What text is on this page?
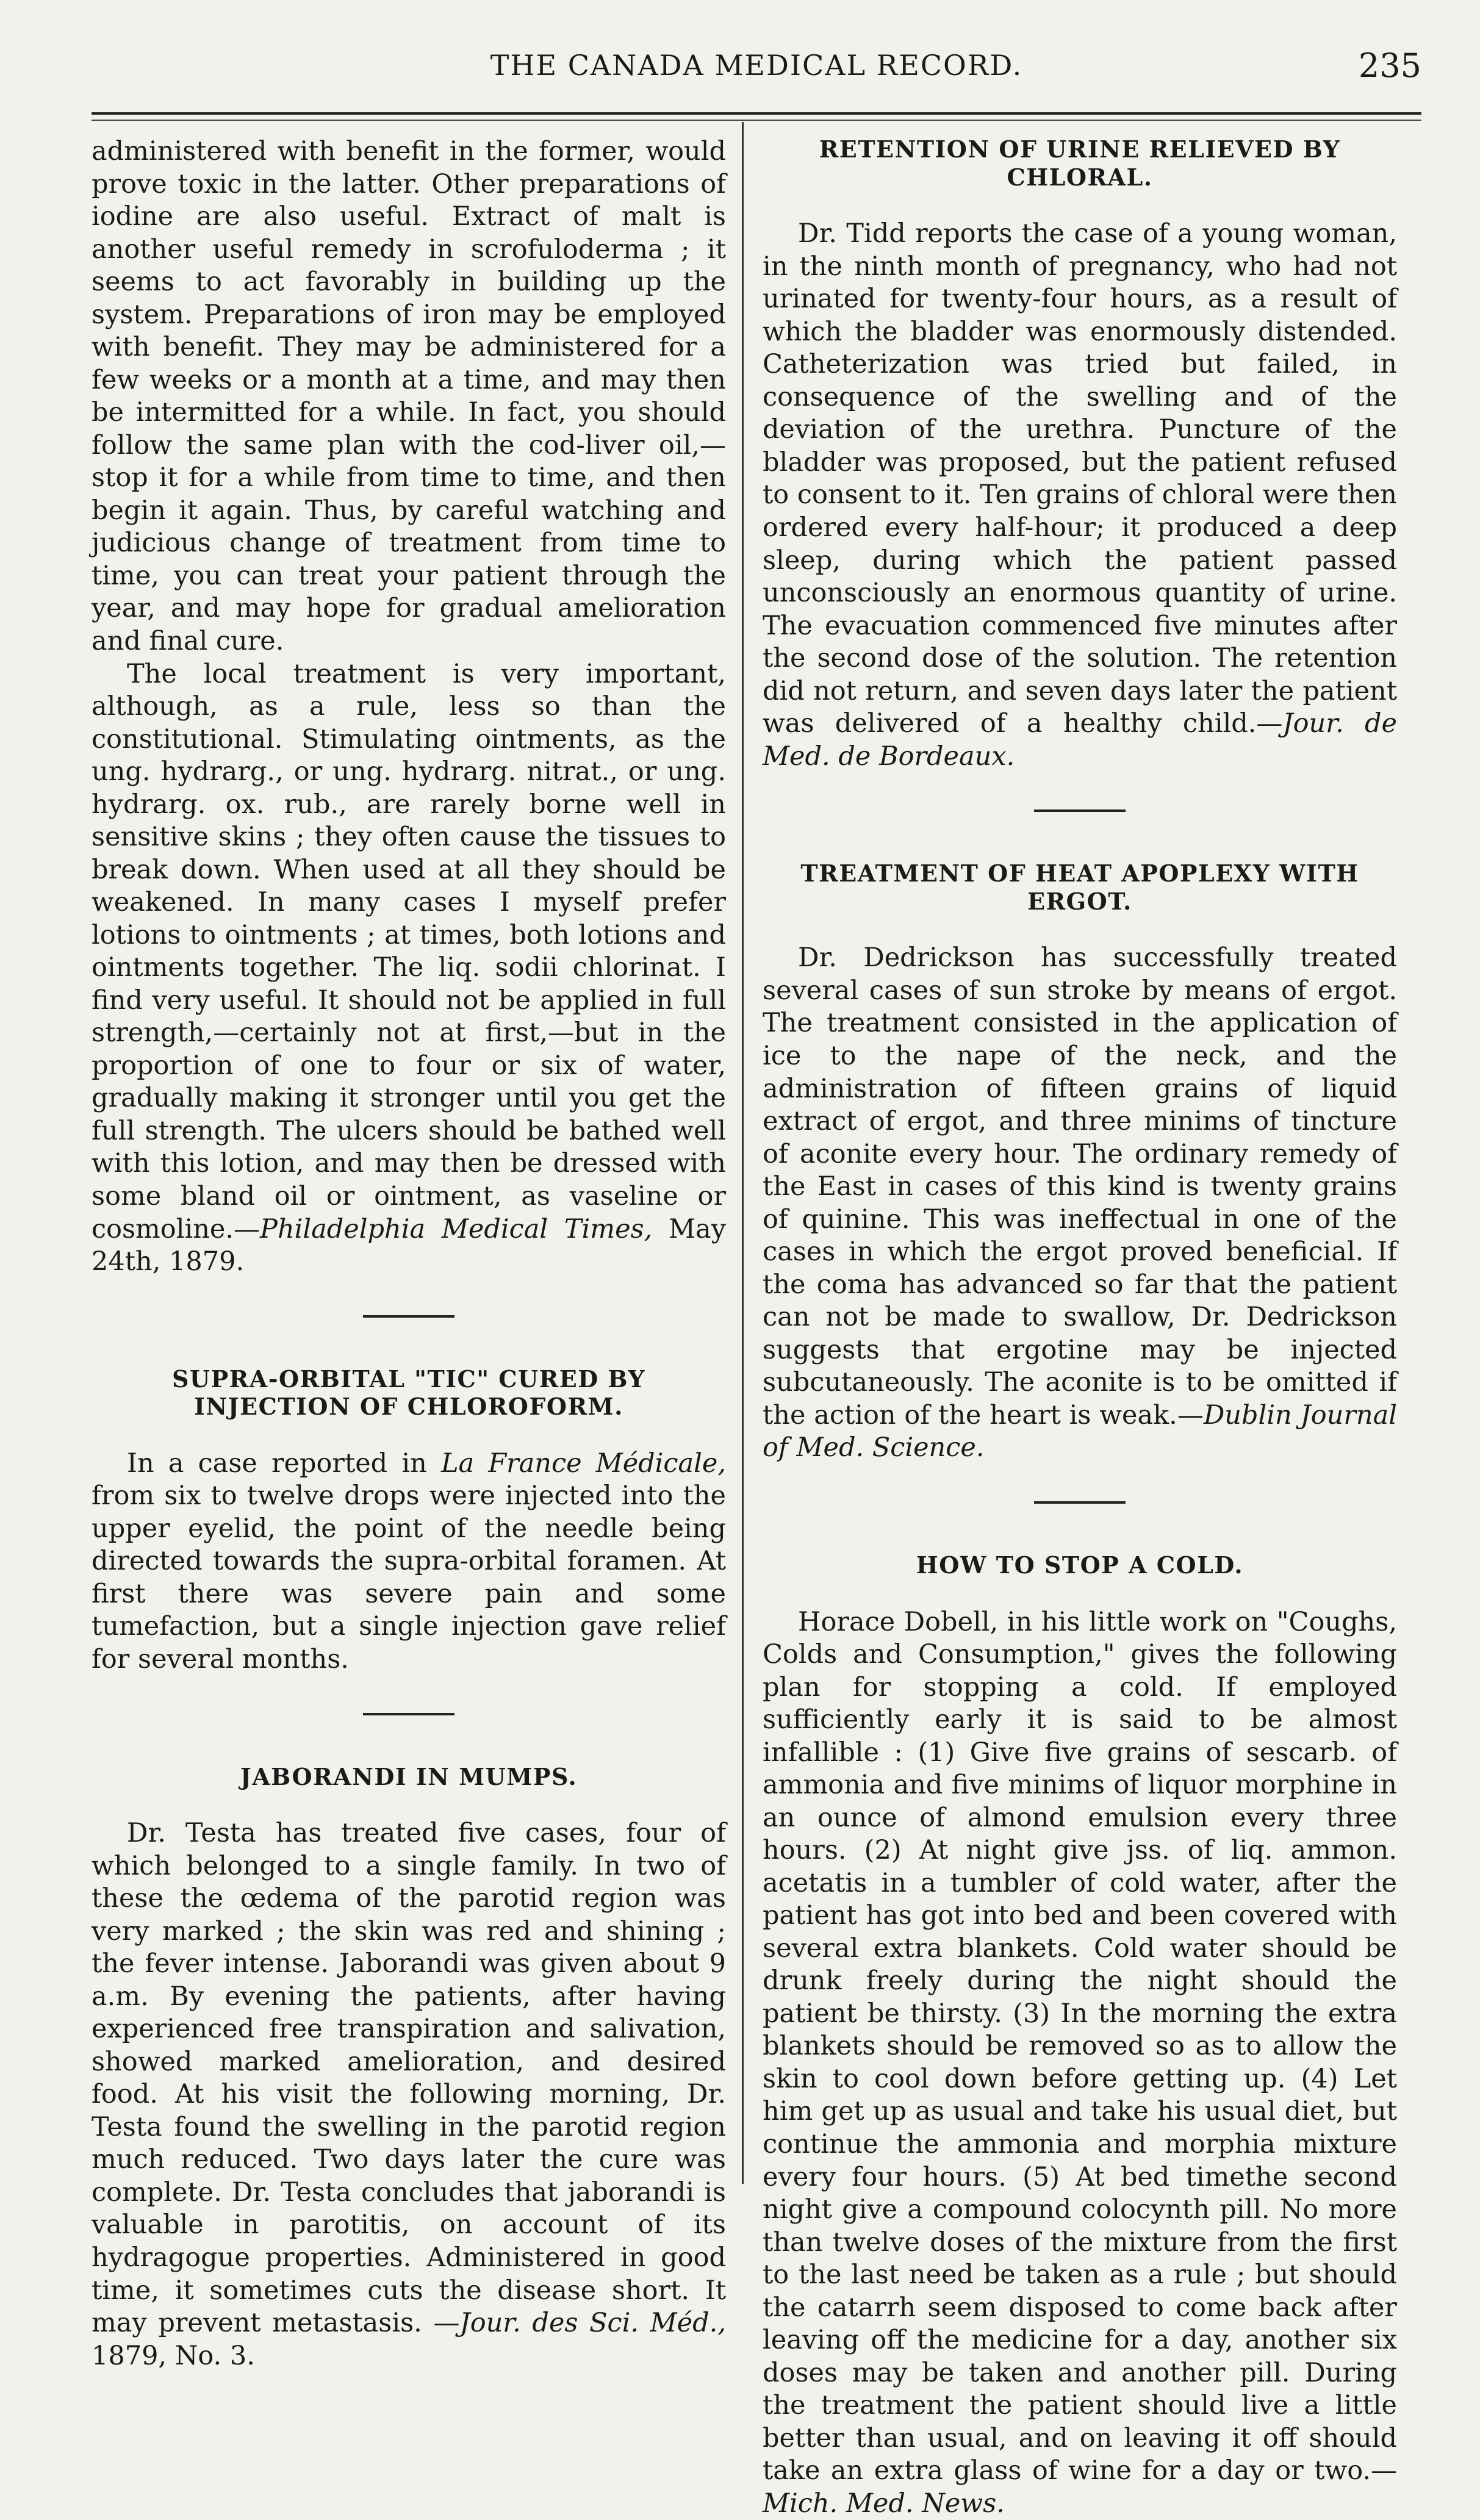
THE CANADA MEDICAL RECORD.	235

administered with benefit in the former, would prove toxic in the latter. Other preparations of iodine are also useful. Extract of malt is another useful remedy in scrofuloderma ; it seems to act favorably in building up the system. Preparations of iron may be employed with benefit. They may be administered for a few weeks or a month at a time, and may then be intermitted for a while. In fact, you should follow the same plan with the cod-liver oil,—stop it for a while from time to time, and then begin it again. Thus, by careful watching and judicious change of treatment from time to time, you can treat your patient through the year, and may hope for gradual amelioration and final cure.

The local treatment is very important, although, as a rule, less so than the constitutional. Stimulating ointments, as the ung. hydrarg., or ung. hydrarg. nitrat., or ung. hydrarg. ox. rub., are rarely borne well in sensitive skins ; they often cause the tissues to break down. When used at all they should be weakened. In many cases I myself prefer lotions to ointments ; at times, both lotions and ointments together. The liq. sodii chlorinat. I find very useful. It should not be applied in full strength,—certainly not at first,—but in the proportion of one to four or six of water, gradually making it stronger until you get the full strength. The ulcers should be bathed well with this lotion, and may then be dressed with some bland oil or ointment, as vaseline or cosmoline.—Philadelphia Medical Times, May 24th, 1879.

SUPRA-ORBITAL "TIC" CURED BY INJECTION OF CHLOROFORM.

In a case reported in La France Médicale, from six to twelve drops were injected into the upper eyelid, the point of the needle being directed towards the supra-orbital foramen. At first there was severe pain and some tumefaction, but a single injection gave relief for several months.

JABORANDI IN MUMPS.

Dr. Testa has treated five cases, four of which belonged to a single family. In two of these the œdema of the parotid region was very marked ; the skin was red and shining ; the fever intense. Jaborandi was given about 9 a.m. By evening the patients, after having experienced free transpiration and salivation, showed marked amelioration, and desired food. At his visit the following morning, Dr. Testa found the swelling in the parotid region much reduced. Two days later the cure was complete. Dr. Testa concludes that jaborandi is valuable in parotitis, on account of its hydragogue properties. Administered in good time, it sometimes cuts the disease short. It may prevent metastasis. —Jour. des Sci. Méd., 1879, No. 3.

RETENTION OF URINE RELIEVED BY CHLORAL.

Dr. Tidd reports the case of a young woman, in the ninth month of pregnancy, who had not urinated for twenty-four hours, as a result of which the bladder was enormously distended. Catheterization was tried but failed, in consequence of the swelling and of the deviation of the urethra. Puncture of the bladder was proposed, but the patient refused to consent to it. Ten grains of chloral were then ordered every half-hour; it produced a deep sleep, during which the patient passed unconsciously an enormous quantity of urine. The evacuation commenced five minutes after the second dose of the solution. The retention did not return, and seven days later the patient was delivered of a healthy child.—Jour. de Med. de Bordeaux.

TREATMENT OF HEAT APOPLEXY WITH ERGOT.

Dr. Dedrickson has successfully treated several cases of sun stroke by means of ergot. The treatment consisted in the application of ice to the nape of the neck, and the administration of fifteen grains of liquid extract of ergot, and three minims of tincture of aconite every hour. The ordinary remedy of the East in cases of this kind is twenty grains of quinine. This was ineffectual in one of the cases in which the ergot proved beneficial. If the coma has advanced so far that the patient can not be made to swallow, Dr. Dedrickson suggests that ergotine may be injected subcutaneously. The aconite is to be omitted if the action of the heart is weak.—Dublin Journal of Med. Science.

HOW TO STOP A COLD.

Horace Dobell, in his little work on "Coughs, Colds and Consumption," gives the following plan for stopping a cold. If employed sufficiently early it is said to be almost infallible : (1) Give five grains of sescarb. of ammonia and five minims of liquor morphine in an ounce of almond emulsion every three hours. (2) At night give jss. of liq. ammon. acetatis in a tumbler of cold water, after the patient has got into bed and been covered with several extra blankets. Cold water should be drunk freely during the night should the patient be thirsty. (3) In the morning the extra blankets should be removed so as to allow the skin to cool down before getting up. (4) Let him get up as usual and take his usual diet, but continue the ammonia and morphia mixture every four hours. (5) At bed timethe second night give a compound colocynth pill. No more than twelve doses of the mixture from the first to the last need be taken as a rule ; but should the catarrh seem disposed to come back after leaving off the medicine for a day, another six doses may be taken and another pill. During the treatment the patient should live a little better than usual, and on leaving it off should take an extra glass of wine for a day or two.—Mich. Med. News.
